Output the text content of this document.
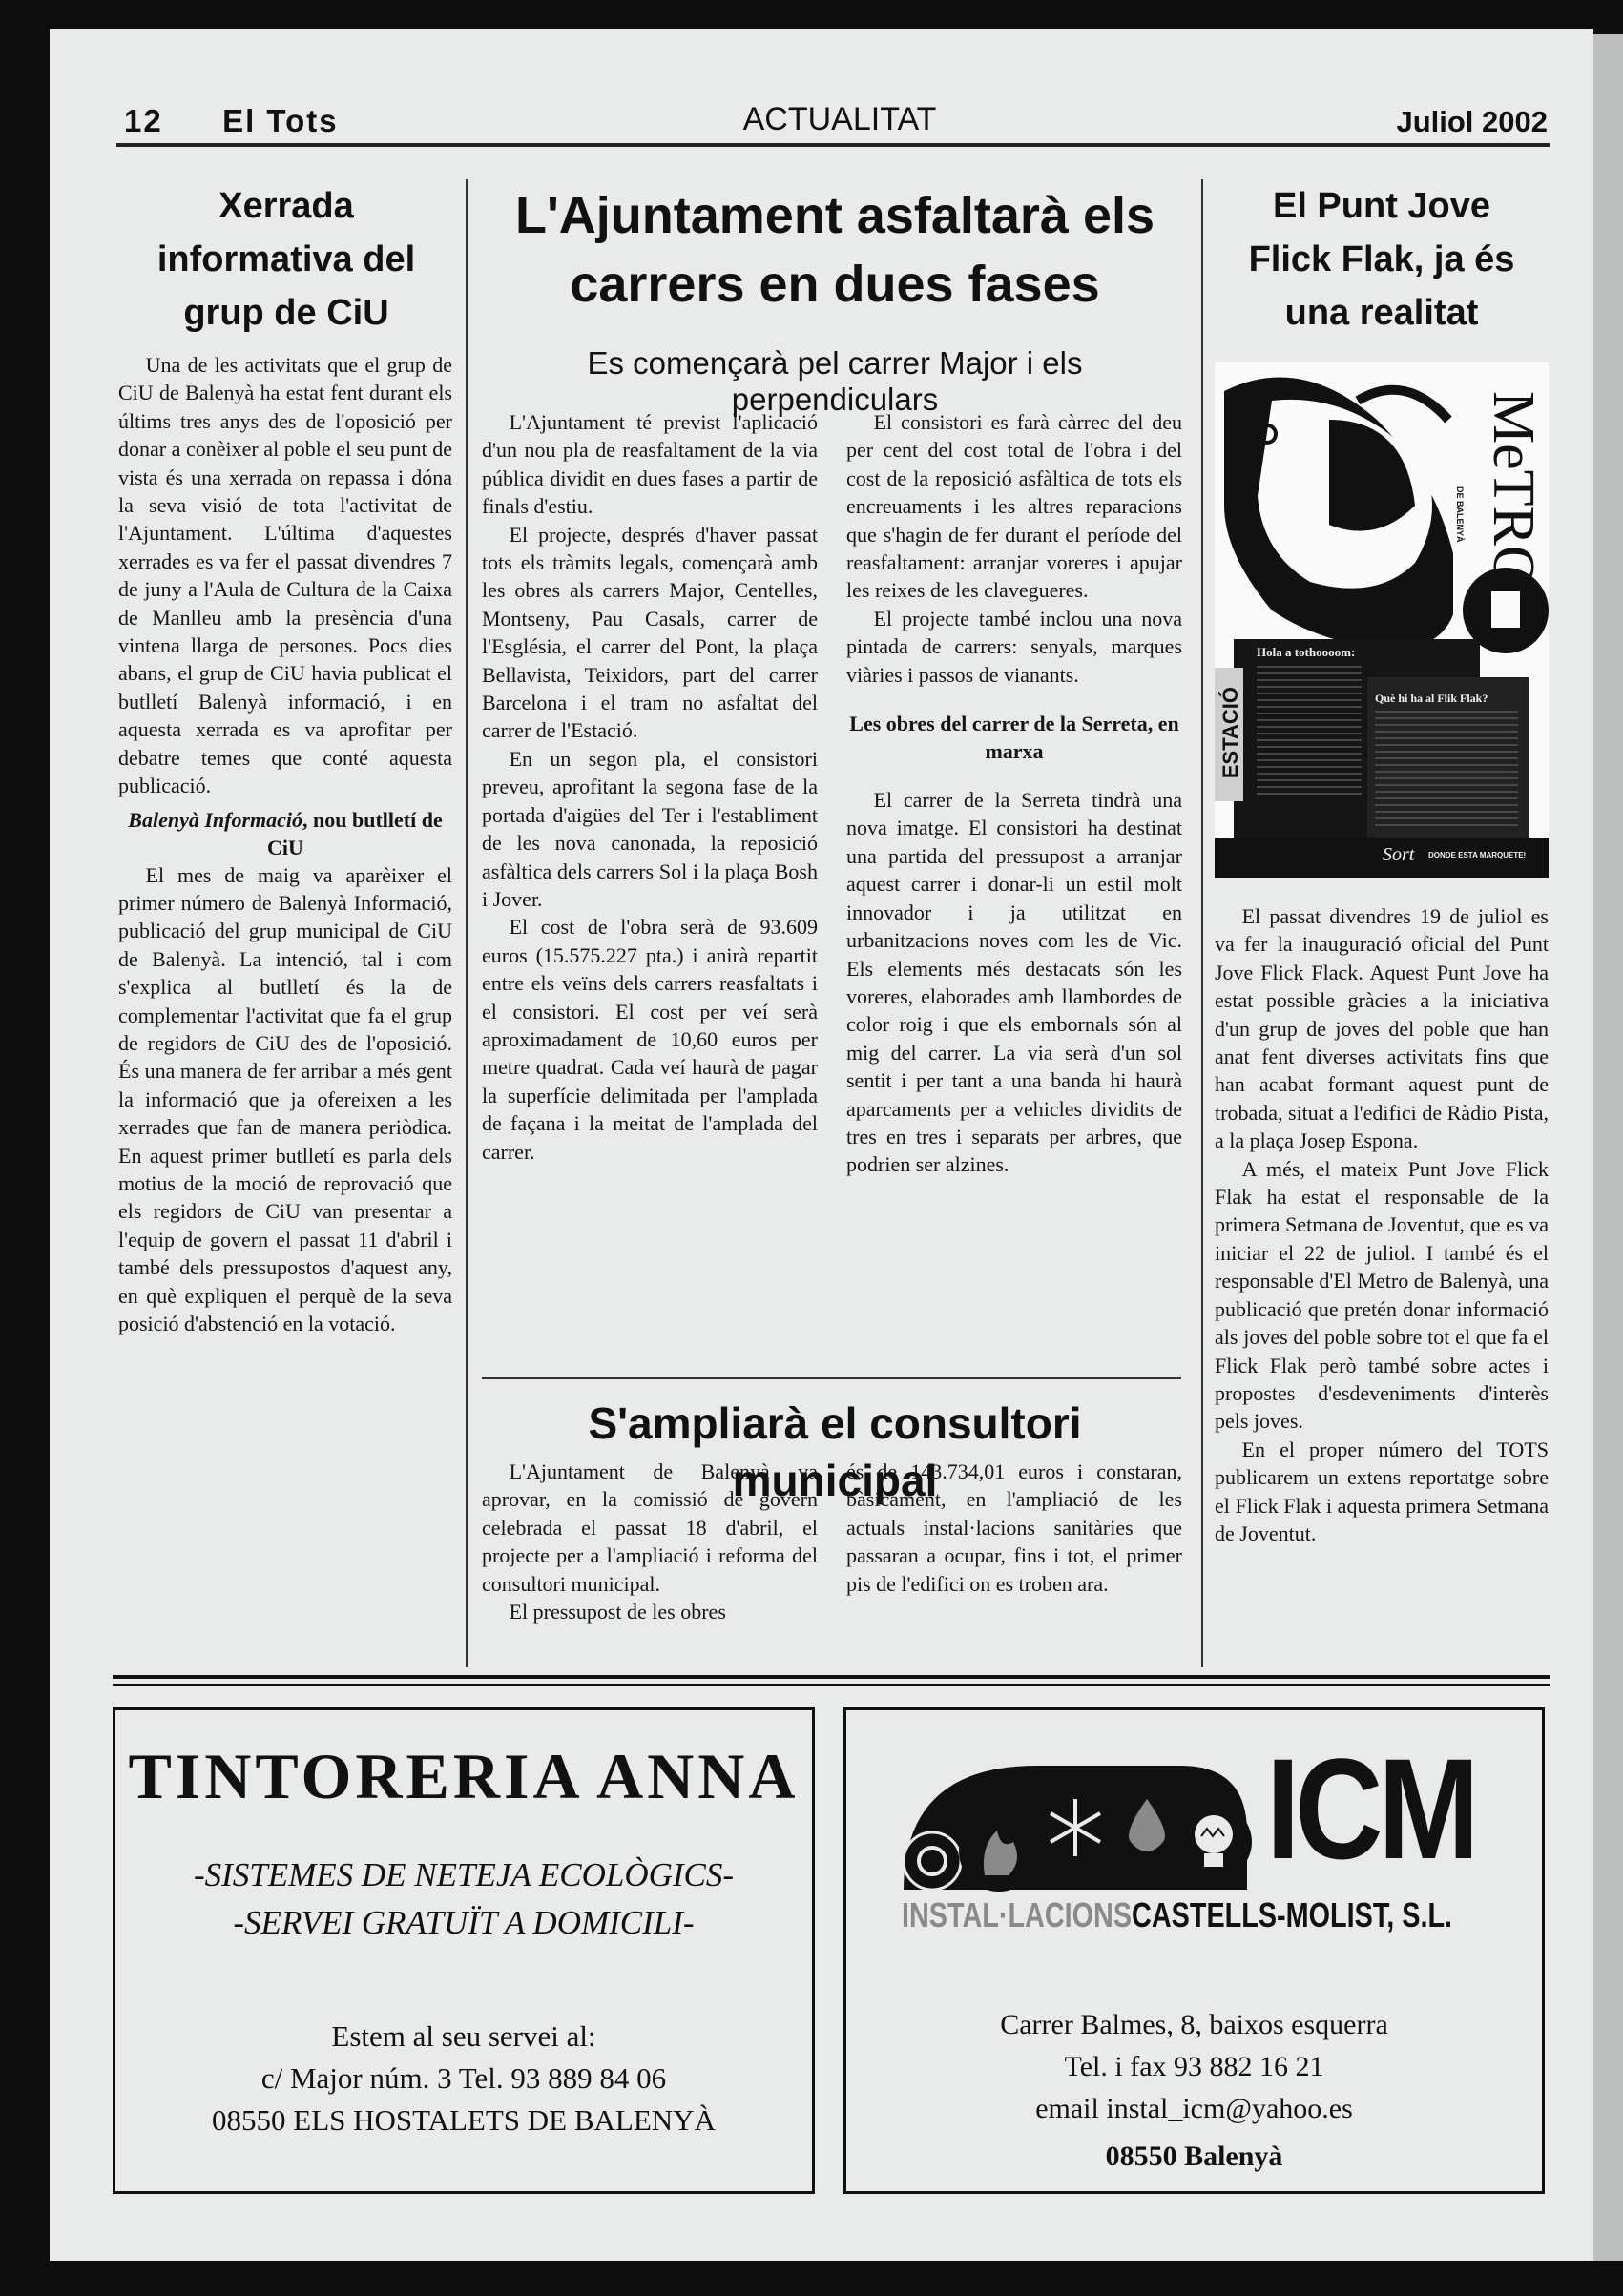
12 El Tots	ACTUALITAT	Juliol 2002
Xerrada
informativa del
grup de CiU

Una de les activitats que el grup de CiU de Balenyà ha estat fent durant els últims tres anys des de l'oposició per donar a conèixer al poble el seu punt de vista és una xerrada on repassa i dóna la seva visió de tota l'activitat de l'Ajuntament. L'última d'aquestes xerrades es va fer el passat divendres 7 de juny a l'Aula de Cultura de la Caixa de Manlleu amb la presència d'una vintena llarga de persones. Pocs dies abans, el grup de CiU havia publicat el butlletí Balenyà informació, i en aquesta xerrada es va aprofitar per debatre temes que conté aquesta publicació.

Balenyà Informació, nou butlletí de CiU

El mes de maig va aparèixer el primer número de Balenyà Informació, publicació del grup municipal de CiU de Balenyà. La intenció, tal i com s'explica al butlletí és la de complementar l'activitat que fa el grup de regidors de CiU des de l'oposició. És una manera de fer arribar a més gent la informació que ja ofereixen a les xerrades que fan de manera periòdica. En aquest primer butlletí es parla dels motius de la moció de reprovació que els regidors de CiU van presentar a l'equip de govern el passat 11 d'abril i també dels pressupostos d'aquest any, en què expliquen el perquè de la seva posició d'abstenció en la votació.

L'Ajuntament asfaltarà els
carrers en dues fases
Es començarà pel carrer Major i els perpendiculars

L'Ajuntament té previst l'aplicació d'un nou pla de reasfaltament de la via pública dividit en dues fases a partir de finals d'estiu.

El projecte, després d'haver passat tots els tràmits legals, començarà amb les obres als carrers Major, Centelles, Montseny, Pau Casals, carrer de l'Església, el carrer del Pont, la plaça Bellavista, Teixidors, part del carrer Barcelona i el tram no asfaltat del carrer de l'Estació.

En un segon pla, el consistori preveu, aprofitant la segona fase de la portada d'aigües del Ter i l'establiment de les nova canonada, la reposició asfàltica dels carrers Sol i la plaça Bosh i Jover.

El cost de l'obra serà de 93.609 euros (15.575.227 pta.) i anirà repartit entre els veïns dels carrers reasfaltats i el consistori. El cost per veí serà aproximadament de 10,60 euros per metre quadrat. Cada veí haurà de pagar la superfície delimitada per l'amplada de façana i la meitat de l'amplada del carrer.

El consistori es farà càrrec del deu per cent del cost total de l'obra i del cost de la reposició asfàltica de tots els encreuaments i les altres reparacions que s'hagin de fer durant el període del reasfaltament: arranjar voreres i apujar les reixes de les clavegueres.

El projecte també inclou una nova pintada de carrers: senyals, marques viàries i passos de vianants.

Les obres del carrer de la Serreta, en marxa

El carrer de la Serreta tindrà una nova imatge. El consistori ha destinat una partida del pressupost a arranjar aquest carrer i donar-li un estil molt innovador i ja utilitzat en urbanitzacions noves com les de Vic. Els elements més destacats són les voreres, elaborades amb llambordes de color roig i que els embornals són al mig del carrer. La via serà d'un sol sentit i per tant a una banda hi haurà aparcaments per a vehicles dividits de tres en tres i separats per arbres, que podrien ser alzines.

S'ampliarà el consultori municipal

L'Ajuntament de Balenyà va aprovar, en la comissió de govern celebrada el passat 18 d'abril, el projecte per a l'ampliació i reforma del consultori municipal.

El pressupost de les obres

és de 143.734,01 euros i constaran, bàsicament, en l'ampliació de les actuals instal·lacions sanitàries que passaran a ocupar, fins i tot, el primer pis de l'edifici on es troben ara.

El Punt Jove
Flick Flak, ja és
una realitat
MeTRO
DE BALENYÀ
ESTACIÓ
Hola a tothoooom:
Què hi ha al Flik Flak?
Sort DONDE ESTA MARQUETE!

El passat divendres 19 de juliol es va fer la inauguració oficial del Punt Jove Flick Flack. Aquest Punt Jove ha estat possible gràcies a la iniciativa d'un grup de joves del poble que han anat fent diverses activitats fins que han acabat formant aquest punt de trobada, situat a l'edifici de Ràdio Pista, a la plaça Josep Espona.

A més, el mateix Punt Jove Flick Flak ha estat el responsable de la primera Setmana de Joventut, que es va iniciar el 22 de juliol. I també és el responsable d'El Metro de Balenyà, una publicació que pretén donar informació als joves del poble sobre tot el que fa el Flick Flak però també sobre actes i propostes d'esdeveniments d'interès pels joves.

En el proper número del TOTS publicarem un extens reportatge sobre el Flick Flak i aquesta primera Setmana de Joventut.

TINTORERIA ANNA
-SISTEMES DE NETEJA ECOLÒGICS-
-SERVEI GRATUÏT A DOMICILI-
Estem al seu servei al:
c/ Major núm. 3 Tel. 93 889 84 06
08550 ELS HOSTALETS DE BALENYÀ
ICM
INSTAL·LACIONSCASTELLS-MOLIST, S.L.
Carrer Balmes, 8, baixos esquerra
Tel. i fax 93 882 16 21
email instal_icm@yahoo.es
08550 Balenyà
